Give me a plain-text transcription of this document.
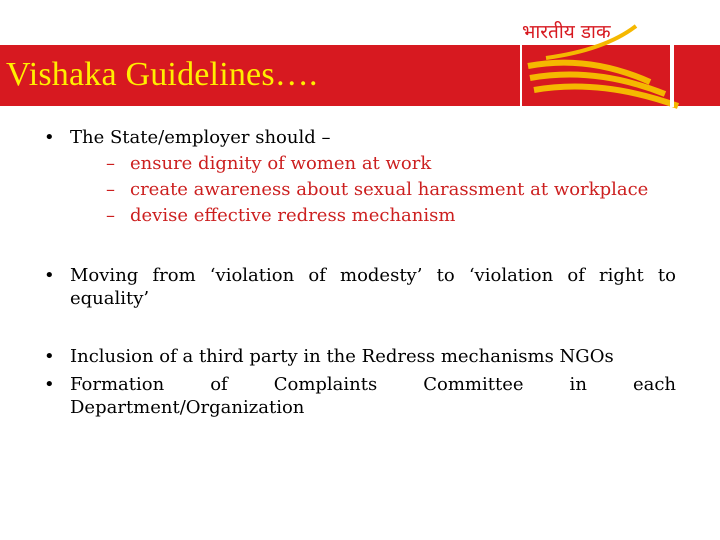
Vishaka Guidelines….
भारतीय डाक
• The State/employer should –
– ensure dignity of women at work
– create awareness about sexual harassment at workplace
– devise effective redress mechanism
• Moving from ‘violation of modesty’ to ‘violation of right to equality’
• Inclusion of a third party in the Redress mechanisms NGOs
• Formation of Complaints Committee in each Department/Organization
